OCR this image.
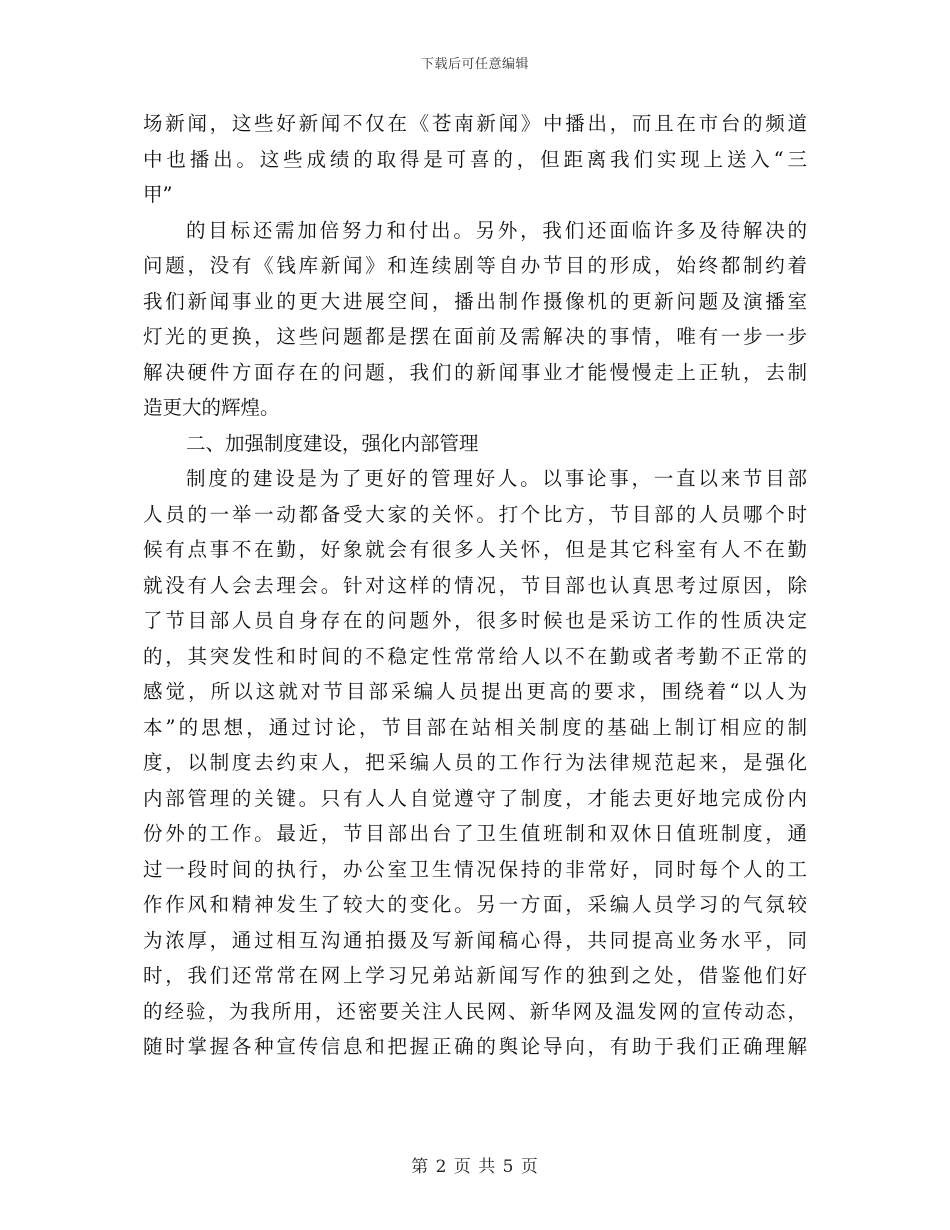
下载后可任意编辑
场新闻，这些好新闻不仅在《苍南新闻》中播出，而且在市台的频道
中也播出。这些成绩的取得是可喜的，但距离我们实现上送入“三
甲”
的目标还需加倍努力和付出。另外，我们还面临许多及待解决的
问题，没有《钱库新闻》和连续剧等自办节目的形成，始终都制约着
我们新闻事业的更大进展空间，播出制作摄像机的更新问题及演播室
灯光的更换，这些问题都是摆在面前及需解决的事情，唯有一步一步
解决硬件方面存在的问题，我们的新闻事业才能慢慢走上正轨，去制
造更大的辉煌。
二、加强制度建设，强化内部管理
制度的建设是为了更好的管理好人。以事论事，一直以来节目部
人员的一举一动都备受大家的关怀。打个比方，节目部的人员哪个时
候有点事不在勤，好象就会有很多人关怀，但是其它科室有人不在勤
就没有人会去理会。针对这样的情况，节目部也认真思考过原因，除
了节目部人员自身存在的问题外，很多时候也是采访工作的性质决定
的，其突发性和时间的不稳定性常常给人以不在勤或者考勤不正常的
感觉，所以这就对节目部采编人员提出更高的要求，围绕着“以人为
本”的思想，通过讨论，节目部在站相关制度的基础上制订相应的制
度，以制度去约束人，把采编人员的工作行为法律规范起来，是强化
内部管理的关键。只有人人自觉遵守了制度，才能去更好地完成份内
份外的工作。最近，节目部出台了卫生值班制和双休日值班制度，通
过一段时间的执行，办公室卫生情况保持的非常好，同时每个人的工
作作风和精神发生了较大的变化。另一方面，采编人员学习的气氛较
为浓厚，通过相互沟通拍摄及写新闻稿心得，共同提高业务水平，同
时，我们还常常在网上学习兄弟站新闻写作的独到之处，借鉴他们好
的经验，为我所用，还密要关注人民网、新华网及温发网的宣传动态，
随时掌握各种宣传信息和把握正确的舆论导向，有助于我们正确理解
第 2 页 共 5 页
